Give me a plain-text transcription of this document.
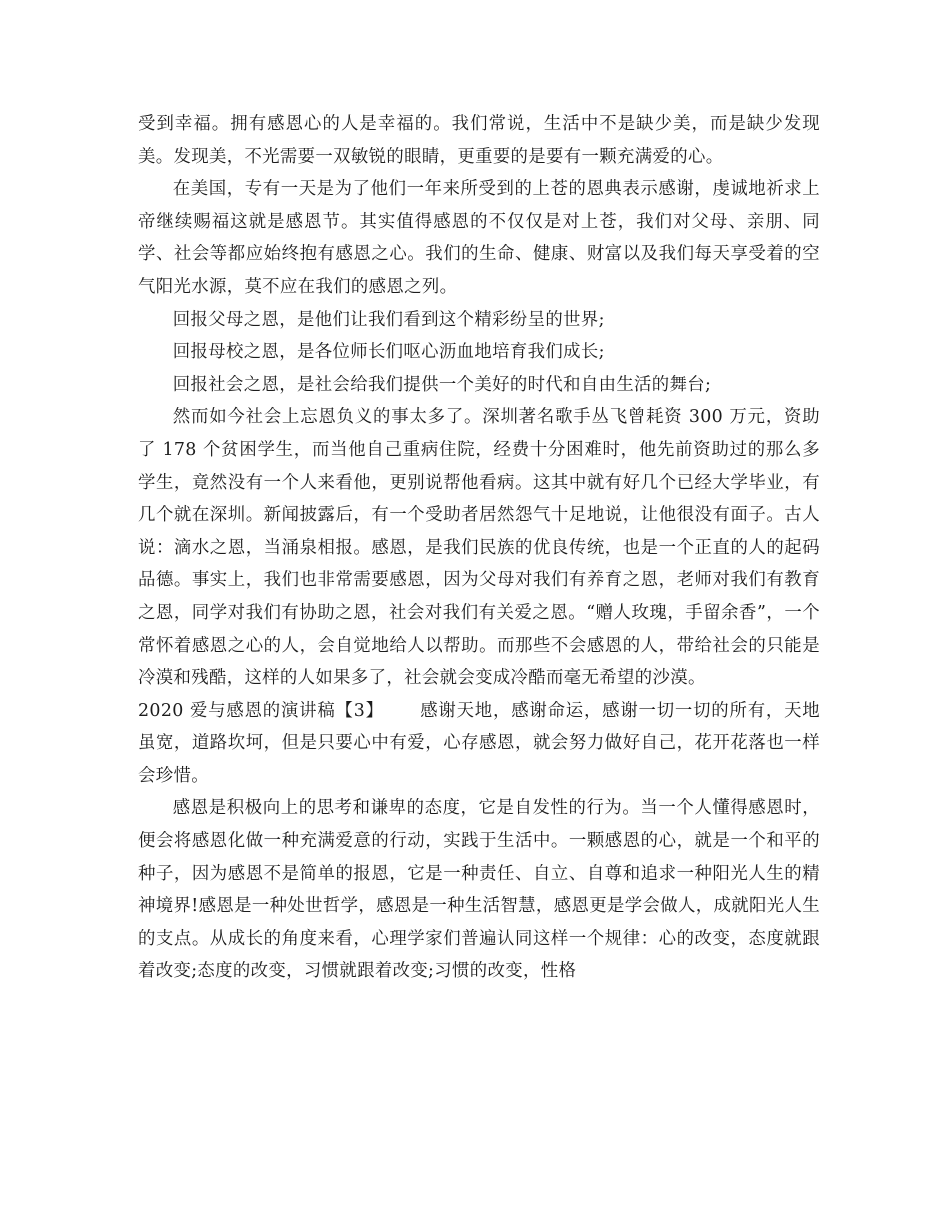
受到幸福。拥有感恩心的人是幸福的。我们常说，生活中不是缺少美，而是缺少发现美。发现美，不光需要一双敏锐的眼睛，更重要的是要有一颗充满爱的心。

在美国，专有一天是为了他们一年来所受到的上苍的恩典表示感谢，虔诚地祈求上帝继续赐福这就是感恩节。其实值得感恩的不仅仅是对上苍，我们对父母、亲朋、同学、社会等都应始终抱有感恩之心。我们的生命、健康、财富以及我们每天享受着的空气阳光水源，莫不应在我们的感恩之列。

回报父母之恩，是他们让我们看到这个精彩纷呈的世界;

回报母校之恩，是各位师长们呕心沥血地培育我们成长;

回报社会之恩，是社会给我们提供一个美好的时代和自由生活的舞台;

然而如今社会上忘恩负义的事太多了。深圳著名歌手丛飞曾耗资 300 万元，资助了 178 个贫困学生，而当他自己重病住院，经费十分困难时，他先前资助过的那么多学生，竟然没有一个人来看他，更别说帮他看病。这其中就有好几个已经大学毕业，有几个就在深圳。新闻披露后，有一个受助者居然怨气十足地说，让他很没有面子。古人说：滴水之恩，当涌泉相报。感恩，是我们民族的优良传统，也是一个正直的人的起码品德。事实上，我们也非常需要感恩，因为父母对我们有养育之恩，老师对我们有教育之恩，同学对我们有协助之恩，社会对我们有关爱之恩。“赠人玫瑰，手留余香”，一个常怀着感恩之心的人，会自觉地给人以帮助。而那些不会感恩的人，带给社会的只能是冷漠和残酷，这样的人如果多了，社会就会变成冷酷而毫无希望的沙漠。

2020 爱与感恩的演讲稿【3】 感谢天地，感谢命运，感谢一切一切的所有，天地虽宽，道路坎坷，但是只要心中有爱，心存感恩，就会努力做好自己，花开花落也一样会珍惜。

感恩是积极向上的思考和谦卑的态度，它是自发性的行为。当一个人懂得感恩时，便会将感恩化做一种充满爱意的行动，实践于生活中。一颗感恩的心，就是一个和平的种子，因为感恩不是简单的报恩，它是一种责任、自立、自尊和追求一种阳光人生的精神境界!感恩是一种处世哲学，感恩是一种生活智慧，感恩更是学会做人，成就阳光人生的支点。从成长的角度来看，心理学家们普遍认同这样一个规律：心的改变，态度就跟着改变;态度的改变，习惯就跟着改变;习惯的改变，性格
